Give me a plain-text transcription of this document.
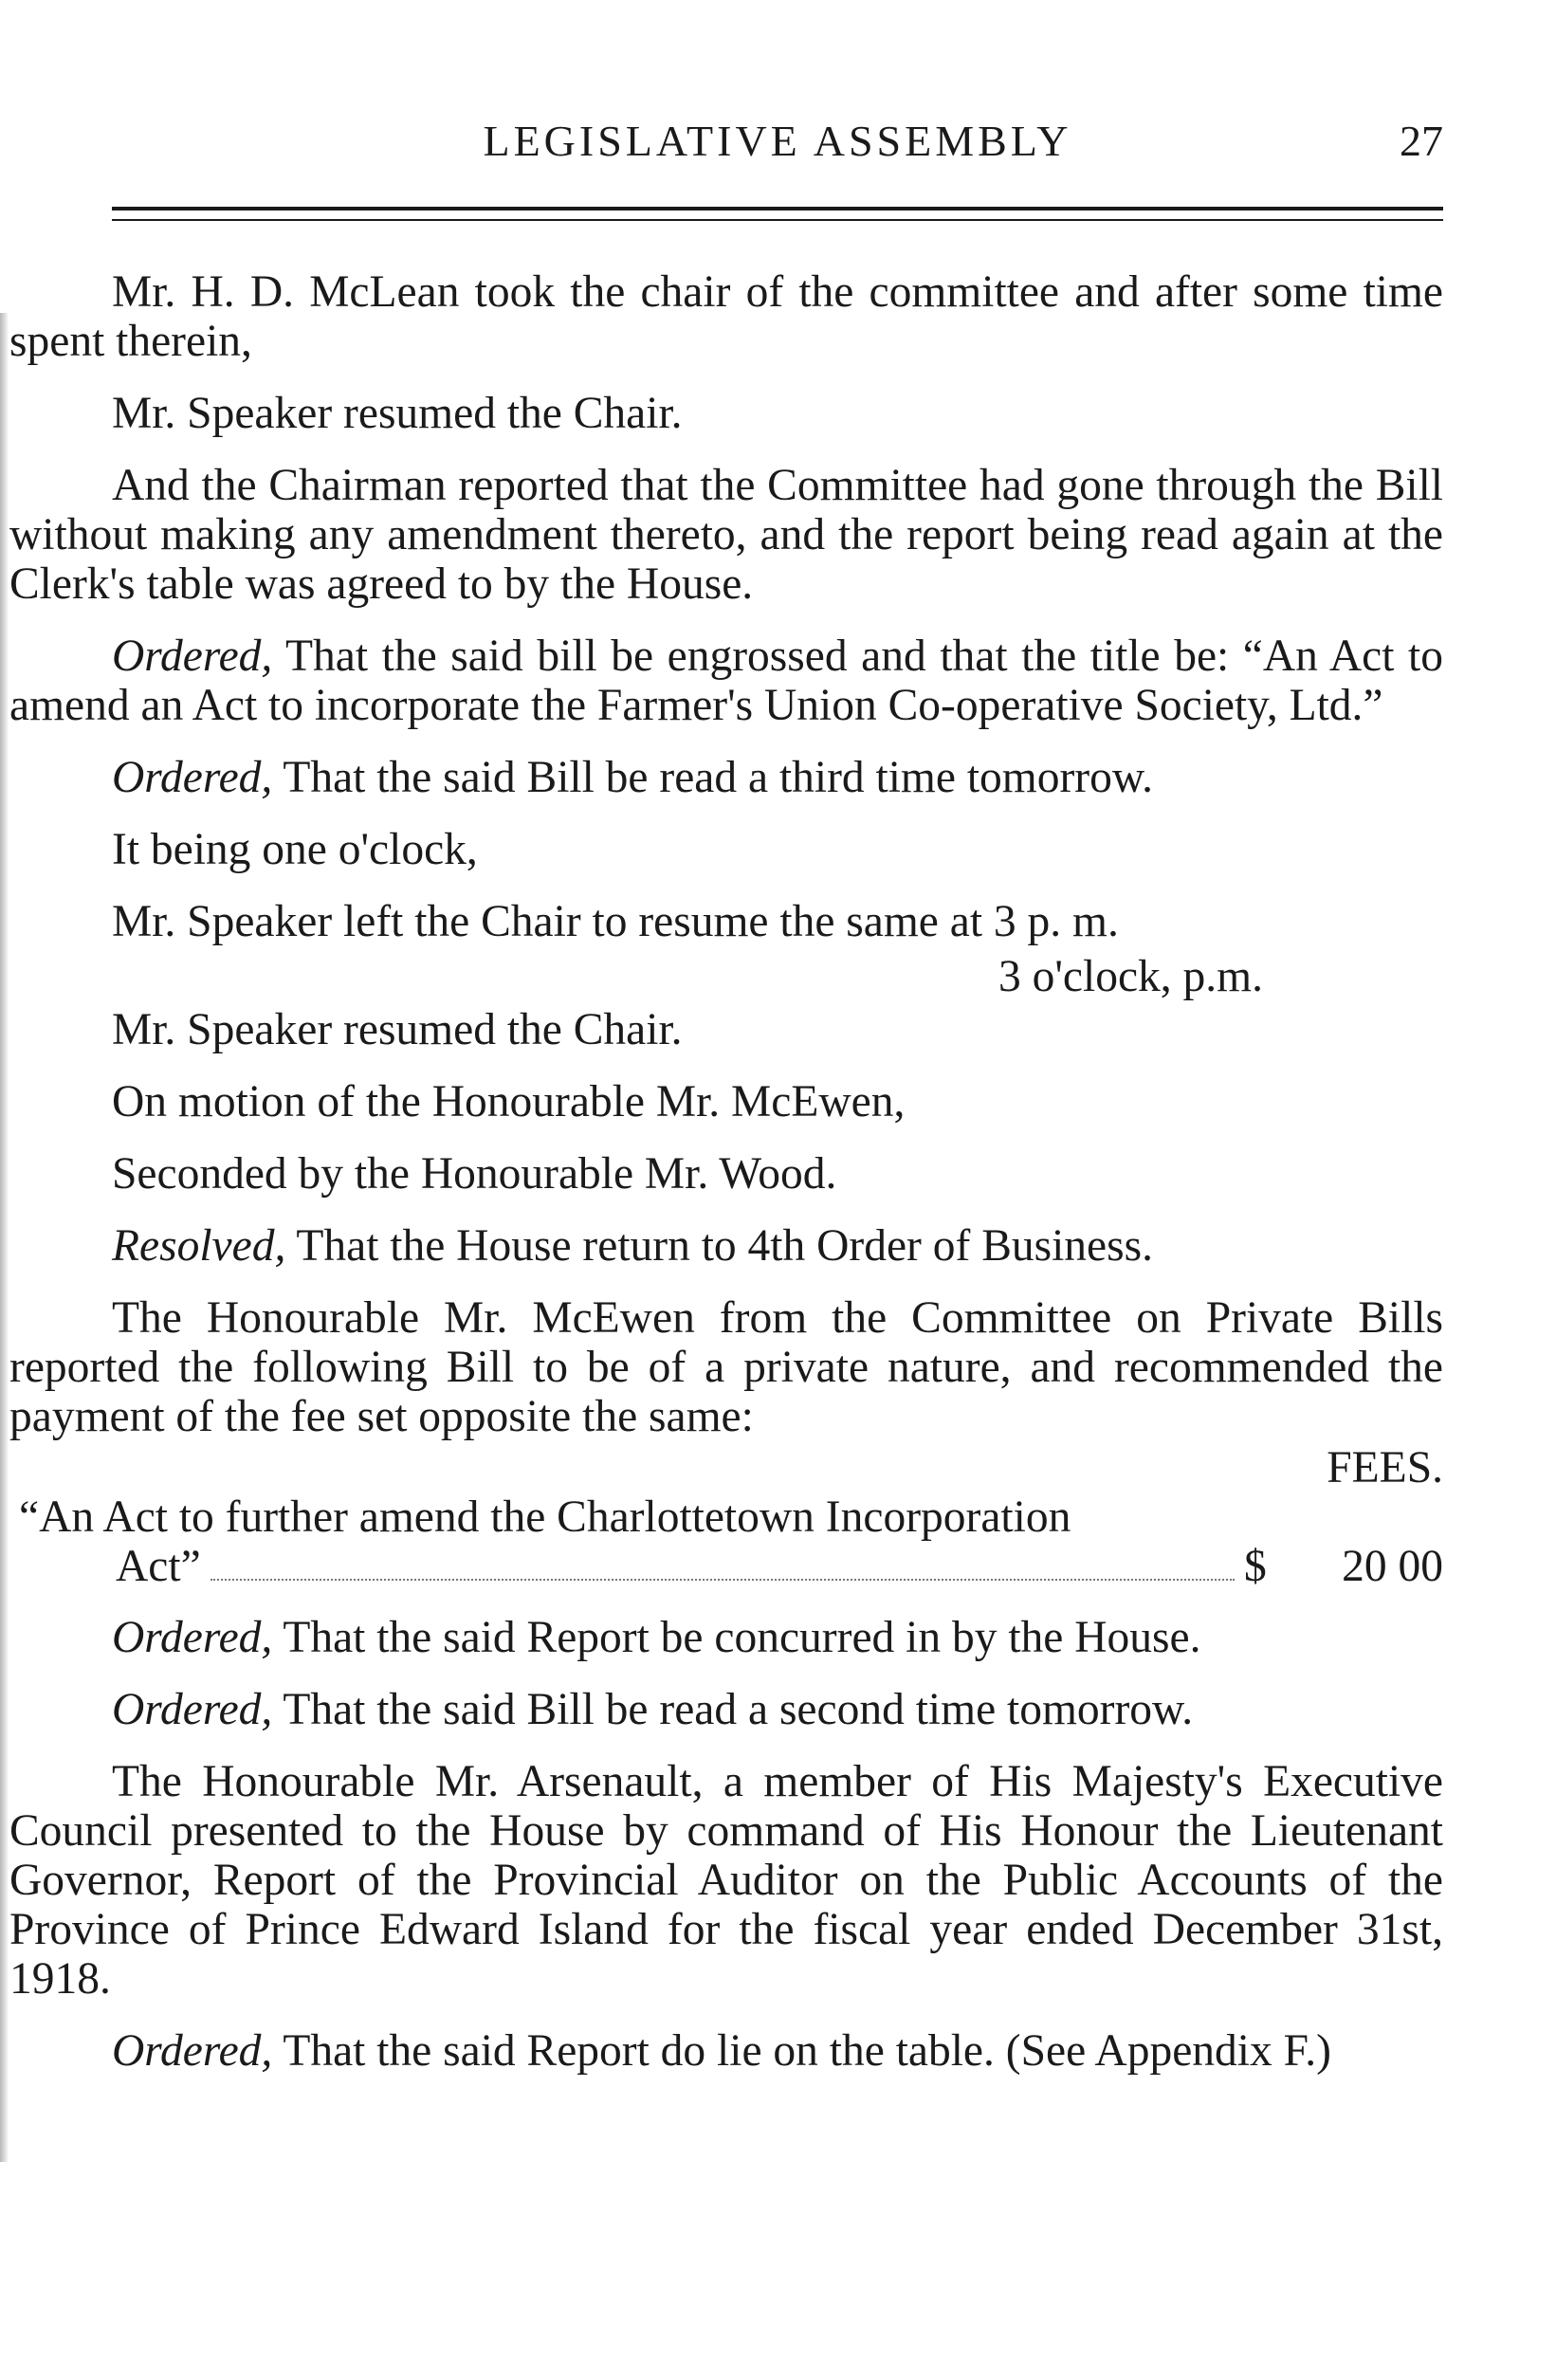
LEGISLATIVE ASSEMBLY	27

Mr. H. D. McLean took the chair of the committee and after some time spent therein,

Mr. Speaker resumed the Chair.

And the Chairman reported that the Committee had gone through the Bill without making any amendment thereto, and the report being read again at the Clerk's table was agreed to by the House.

Ordered, That the said bill be engrossed and that the title be: “An Act to amend an Act to incorporate the Farmer's Union Co-operative Society, Ltd.”

Ordered, That the said Bill be read a third time tomorrow.

It being one o'clock,

Mr. Speaker left the Chair to resume the same at 3 p. m.

3 o'clock, p.m.

Mr. Speaker resumed the Chair.

On motion of the Honourable Mr. McEwen,

Seconded by the Honourable Mr. Wood.

Resolved, That the House return to 4th Order of Business.

The Honourable Mr. McEwen from the Committee on Private Bills reported the following Bill to be of a private nature, and recommended the payment of the fee set opposite the same:

FEES.
“An Act to further amend the Charlottetown Incorporation
Act”	$	20 00

Ordered, That the said Report be concurred in by the House.

Ordered, That the said Bill be read a second time tomorrow.

The Honourable Mr. Arsenault, a member of His Majesty's Executive Council presented to the House by command of His Honour the Lieutenant Governor, Report of the Provincial Auditor on the Public Accounts of the Province of Prince Edward Island for the fiscal year ended December 31st, 1918.

Ordered, That the said Report do lie on the table. (See Appendix F.)
